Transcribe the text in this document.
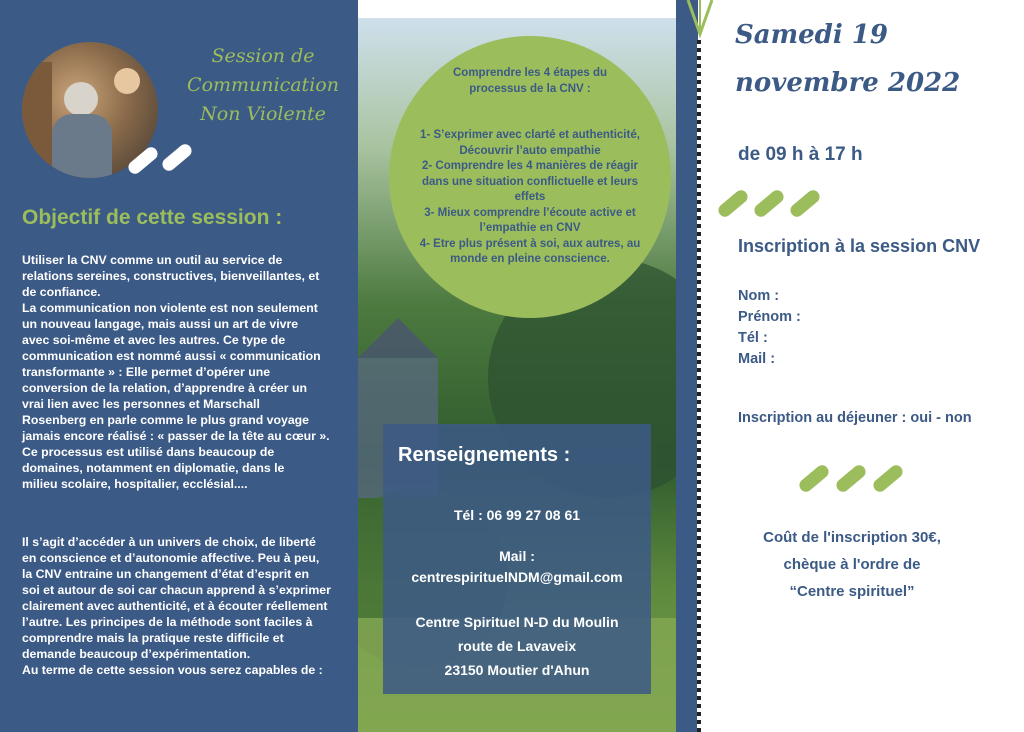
Session de
Communication
Non Violente
Objectif de cette session :
Utiliser la CNV comme un outil au service de
relations sereines, constructives, bienveillantes, et
de confiance.
La communication non violente est non seulement
un nouveau langage, mais aussi un art de vivre
avec soi-même et avec les autres. Ce type de
communication est nommé aussi « communication
transformante » : Elle permet d’opérer une
conversion de la relation, d’apprendre à créer un
vrai lien avec les personnes et Marschall
Rosenberg en parle comme le plus grand voyage
jamais encore réalisé : « passer de la tête au cœur ».
Ce processus est utilisé dans beaucoup de
domaines, notamment en diplomatie, dans le
milieu scolaire, hospitalier, ecclésial....
Il s’agit d’accéder à un univers de choix, de liberté
en conscience et d’autonomie affective. Peu à peu,
la CNV entraine un changement d’état d’esprit en
soi et autour de soi car chacun apprend à s’exprimer
clairement avec authenticité, et à écouter réellement
l’autre. Les principes de la méthode sont faciles à
comprendre mais la pratique reste difficile et
demande beaucoup d’expérimentation.
Au terme de cette session vous serez capables de :
Comprendre les 4 étapes du
processus de la CNV :
1- S’exprimer avec clarté et authenticité,
Découvrir l’auto empathie
2- Comprendre les 4 manières de réagir
dans une situation conflictuelle et leurs
effets
3- Mieux comprendre l’écoute active et
l’empathie en CNV
4- Etre plus présent à soi, aux autres, au
monde en pleine conscience.
Renseignements :
Tél : 06 99 27 08 61
Mail :
centrespirituelNDM@gmail.com
Centre Spirituel N-D du Moulin
route de Lavaveix
23150 Moutier d'Ahun
Samedi 19
novembre 2022
de 09 h à 17 h
Inscription à la session CNV
Nom :
Prénom :
Tél :
Mail :
Inscription au déjeuner : oui - non
Coût de l'inscription 30€,
chèque à l'ordre de
“Centre spirituel”
